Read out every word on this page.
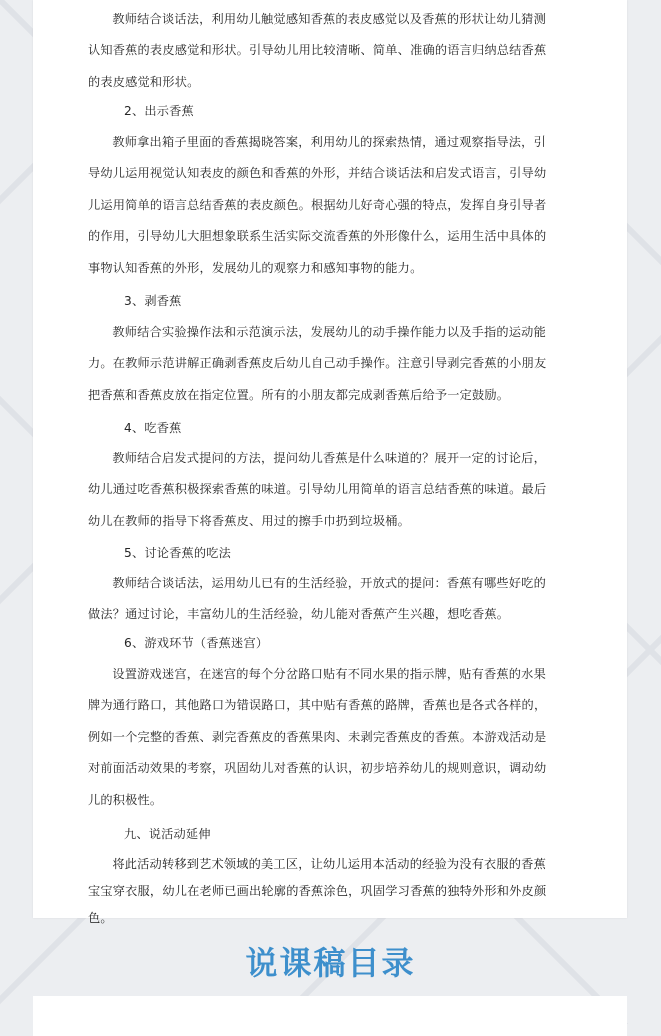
教师结合谈话法，利用幼儿触觉感知香蕉的表皮感觉以及香蕉的形状让幼儿猜测认知香蕉的表皮感觉和形状。引导幼儿用比较清晰、简单、准确的语言归纳总结香蕉的表皮感觉和形状。
2、出示香蕉
教师拿出箱子里面的香蕉揭晓答案，利用幼儿的探索热情，通过观察指导法，引导幼儿运用视觉认知表皮的颜色和香蕉的外形，并结合谈话法和启发式语言，引导幼儿运用简单的语言总结香蕉的表皮颜色。根据幼儿好奇心强的特点，发挥自身引导者的作用，引导幼儿大胆想象联系生活实际交流香蕉的外形像什么，运用生活中具体的事物认知香蕉的外形，发展幼儿的观察力和感知事物的能力。
3、剥香蕉
教师结合实验操作法和示范演示法，发展幼儿的动手操作能力以及手指的运动能力。在教师示范讲解正确剥香蕉皮后幼儿自己动手操作。注意引导剥完香蕉的小朋友把香蕉和香蕉皮放在指定位置。所有的小朋友都完成剥香蕉后给予一定鼓励。
4、吃香蕉
教师结合启发式提问的方法，提问幼儿香蕉是什么味道的？展开一定的讨论后，幼儿通过吃香蕉积极探索香蕉的味道。引导幼儿用简单的语言总结香蕉的味道。最后幼儿在教师的指导下将香蕉皮、用过的擦手巾扔到垃圾桶。
5、讨论香蕉的吃法
教师结合谈话法，运用幼儿已有的生活经验，开放式的提问：香蕉有哪些好吃的做法？通过讨论，丰富幼儿的生活经验，幼儿能对香蕉产生兴趣，想吃香蕉。
6、游戏环节（香蕉迷宫）
设置游戏迷宫，在迷宫的每个分岔路口贴有不同水果的指示牌，贴有香蕉的水果牌为通行路口，其他路口为错误路口，其中贴有香蕉的路牌，香蕉也是各式各样的，例如一个完整的香蕉、剥完香蕉皮的香蕉果肉、未剥完香蕉皮的香蕉。本游戏活动是对前面活动效果的考察，巩固幼儿对香蕉的认识，初步培养幼儿的规则意识，调动幼儿的积极性。
九、说活动延伸
将此活动转移到艺术领域的美工区，让幼儿运用本活动的经验为没有衣服的香蕉宝宝穿衣服，幼儿在老师已画出轮廓的香蕉涂色，巩固学习香蕉的独特外形和外皮颜色。
说课稿目录
